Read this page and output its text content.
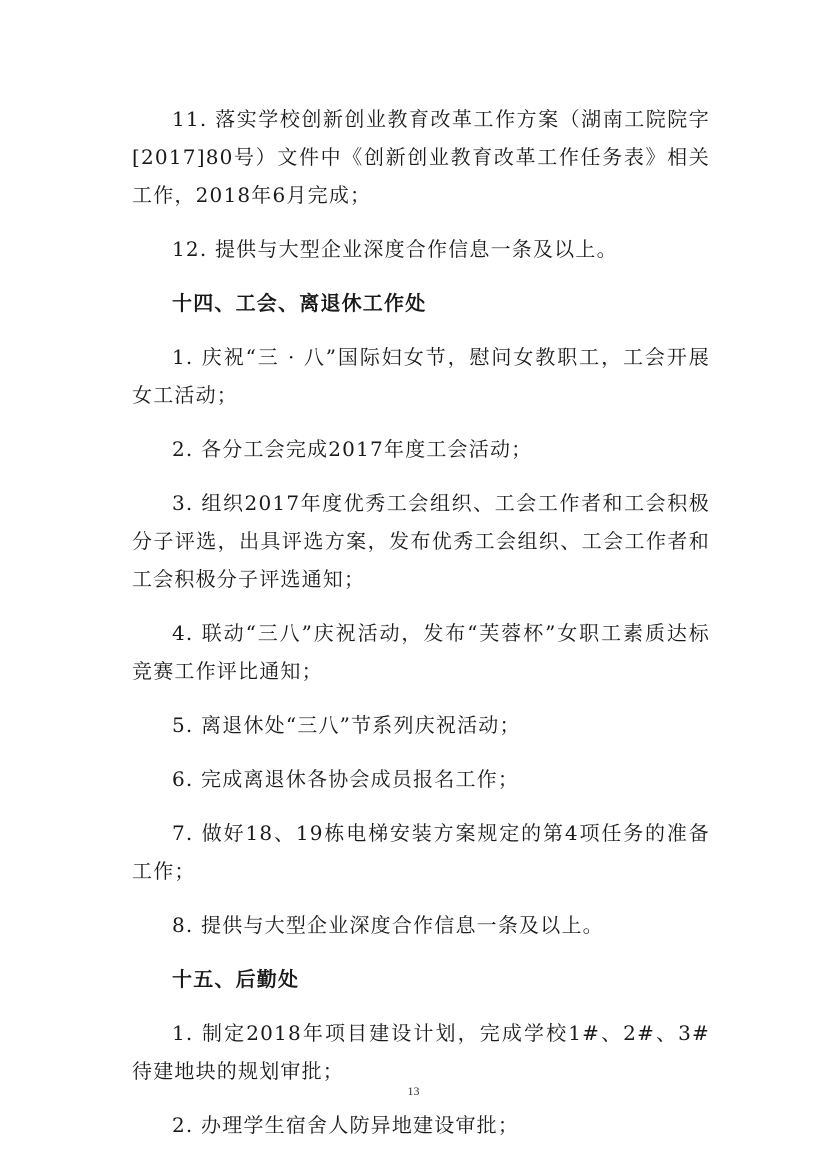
11. 落实学校创新创业教育改革工作方案（湖南工院院字[2017]80号）文件中《创新创业教育改革工作任务表》相关工作，2018年6月完成；

12. 提供与大型企业深度合作信息一条及以上。

十四、工会、离退休工作处

1. 庆祝“三 · 八”国际妇女节，慰问女教职工，工会开展女工活动；

2. 各分工会完成2017年度工会活动；

3. 组织2017年度优秀工会组织、工会工作者和工会积极分子评选，出具评选方案，发布优秀工会组织、工会工作者和工会积极分子评选通知；

4. 联动“三八”庆祝活动，发布“芙蓉杯”女职工素质达标竞赛工作评比通知；

5. 离退休处“三八”节系列庆祝活动；

6. 完成离退休各协会成员报名工作；

7. 做好18、19栋电梯安装方案规定的第4项任务的准备工作；

8. 提供与大型企业深度合作信息一条及以上。

十五、后勤处

1. 制定2018年项目建设计划，完成学校1#、2#、3#待建地块的规划审批；

2. 办理学生宿舍人防异地建设审批；

13
